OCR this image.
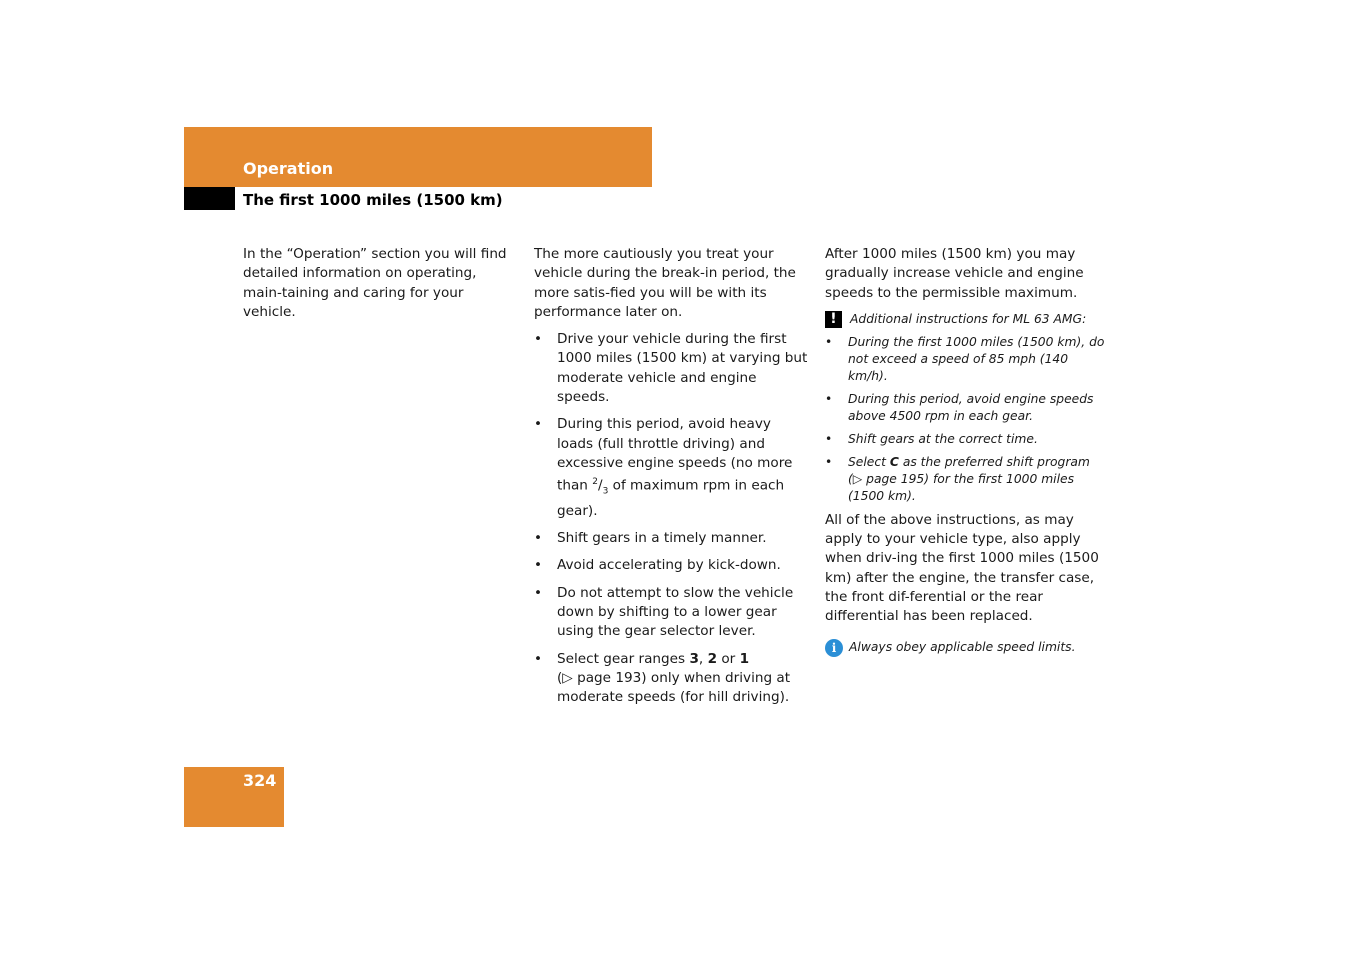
Operation
The first 1000 miles (1500 km)

In the “Operation” section you will find detailed information on operating, main-taining and caring for your vehicle.

The more cautiously you treat your vehicle during the break-in period, the more satis-fied you will be with its performance later on.

• Drive your vehicle during the first 1000 miles (1500 km) at varying but moderate vehicle and engine speeds.
• During this period, avoid heavy loads (full throttle driving) and excessive engine speeds (no more than $^2/_3$ of maximum rpm in each gear).
• Shift gears in a timely manner.
• Avoid accelerating by kick-down.
• Do not attempt to slow the vehicle down by shifting to a lower gear using the gear selector lever.
• Select gear ranges 3, 2 or 1
(▷ page 193) only when driving at moderate speeds (for hill driving).

After 1000 miles (1500 km) you may gradually increase vehicle and engine speeds to the permissible maximum.

!	Additional instructions for ML 63 AMG:
• During the first 1000 miles (1500 km), do not exceed a speed of 85 mph (140 km/h).
• During this period, avoid engine speeds above 4500 rpm in each gear.
• Shift gears at the correct time.
• Select C as the preferred shift program (▷ page 195) for the first 1000 miles (1500 km).

All of the above instructions, as may apply to your vehicle type, also apply when driv-ing the first 1000 miles (1500 km) after the engine, the transfer case, the front dif-ferential or the rear differential has been replaced.

i	Always obey applicable speed limits.
324
